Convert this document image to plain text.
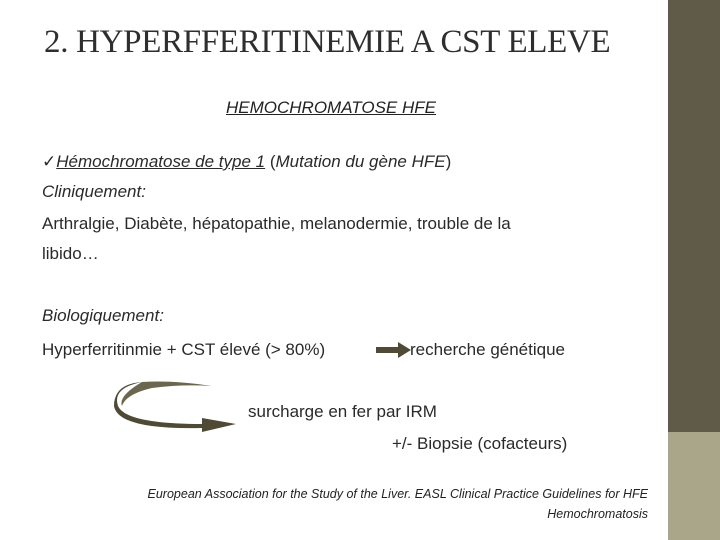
2. HYPERFFERITINEMIE A CST ELEVE
HEMOCHROMATOSE HFE
✓Hémochromatose de type 1 (Mutation du gène HFE)
Cliniquement:
Arthralgie, Diabète, hépatopathie, melanodermie, trouble de la
libido…
Biologiquement:
Hyperferritinmie + CST élevé (> 80%)	recherche génétique
surcharge en fer par IRM
+/- Biopsie (cofacteurs)
European Association for the Study of the Liver. EASL Clinical Practice Guidelines for HFE
Hemochromatosis
